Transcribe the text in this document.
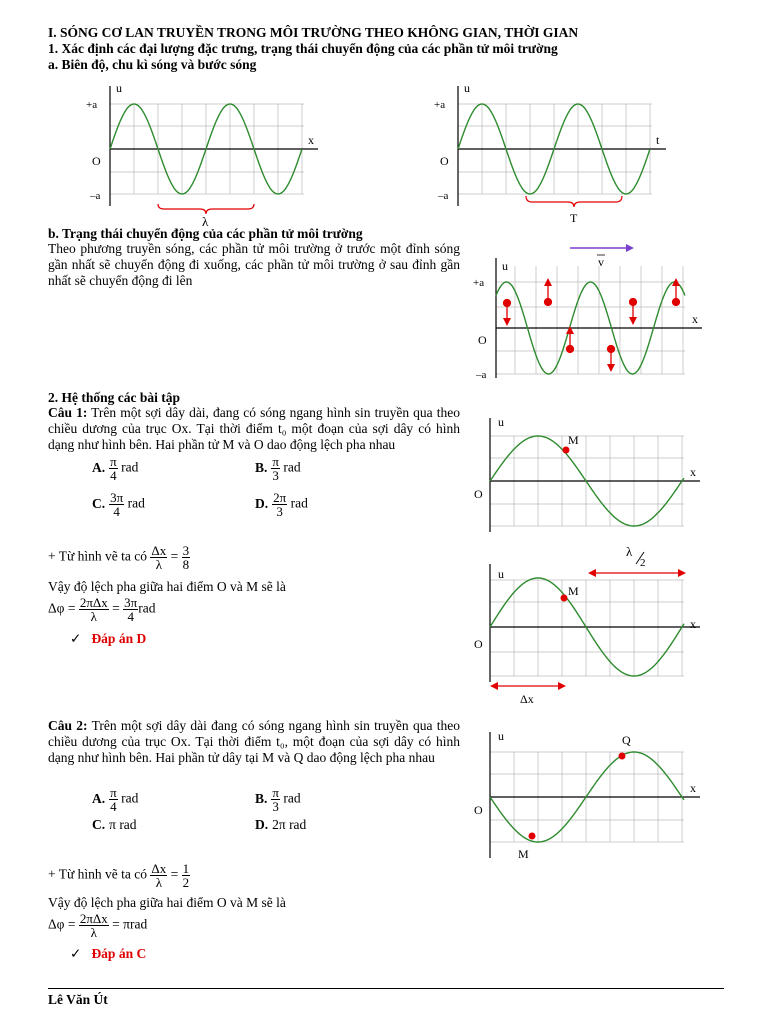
I. SÓNG CƠ LAN TRUYỀN TRONG MÔI TRƯỜNG THEO KHÔNG GIAN, THỜI GIAN
1. Xác định các đại lượng đặc trưng, trạng thái chuyển động của các phần tử môi trường
a. Biên độ, chu kì sóng và bước sóng
u
+a
O
–a
x
λ
u
+a
O
–a
t
T
b. Trạng thái chuyển động của các phần tử môi trường
Theo phương truyền sóng, các phần tử môi trường ở trước một đỉnh sóng gần nhất sẽ chuyển động đi xuống, các phần tử môi trường ở sau đỉnh gần nhất sẽ chuyển động đi lên
v
u
+a
O
–a
x
2. Hệ thống các bài tập
Câu 1: Trên một sợi dây dài, đang có sóng ngang hình sin truyền qua theo chiều dương của trục Ox. Tại thời điểm t₀ một đoạn của sợi dây có hình dạng như hình bên. Hai phần tử M và O dao động lệch pha nhau
A. $\frac{\pi}{4}$ rad	B. $\frac{\pi}{3}$ rad
C. $\frac{3\pi}{4}$ rad	D. $\frac{2\pi}{3}$ rad
+ Từ hình vẽ ta có $\frac{\Delta x}{\lambda} = \frac{3}{8}$
Vậy độ lệch pha giữa hai điểm O và M sẽ là
$\Delta\varphi = \frac{\text{2πΔx}}{\lambda} = \frac{3\pi}{4}$ rad
✓ Đáp án D
M
u
O
x
M
u
O
x
λ
2
Δx
Câu 2: Trên một sợi dây dài đang có sóng ngang hình sin truyền qua theo chiều dương của trục Ox. Tại thời điểm t₀, một đoạn của sợi dây có hình dạng như hình bên. Hai phần tử dây tại M và Q dao động lệch pha nhau
A. $\frac{\pi}{4}$ rad	B. $\frac{\pi}{3}$ rad
C. π rad	D. 2π rad
+ Từ hình vẽ ta có $\frac{\Delta x}{\lambda} = \frac{1}{2}$
Vậy độ lệch pha giữa hai điểm O và M sẽ là
$\Delta\varphi = \frac{\text{2πΔx}}{\lambda} = \pi rad$
✓ Đáp án C
M
Q
u
O
x
Lê Văn Út
